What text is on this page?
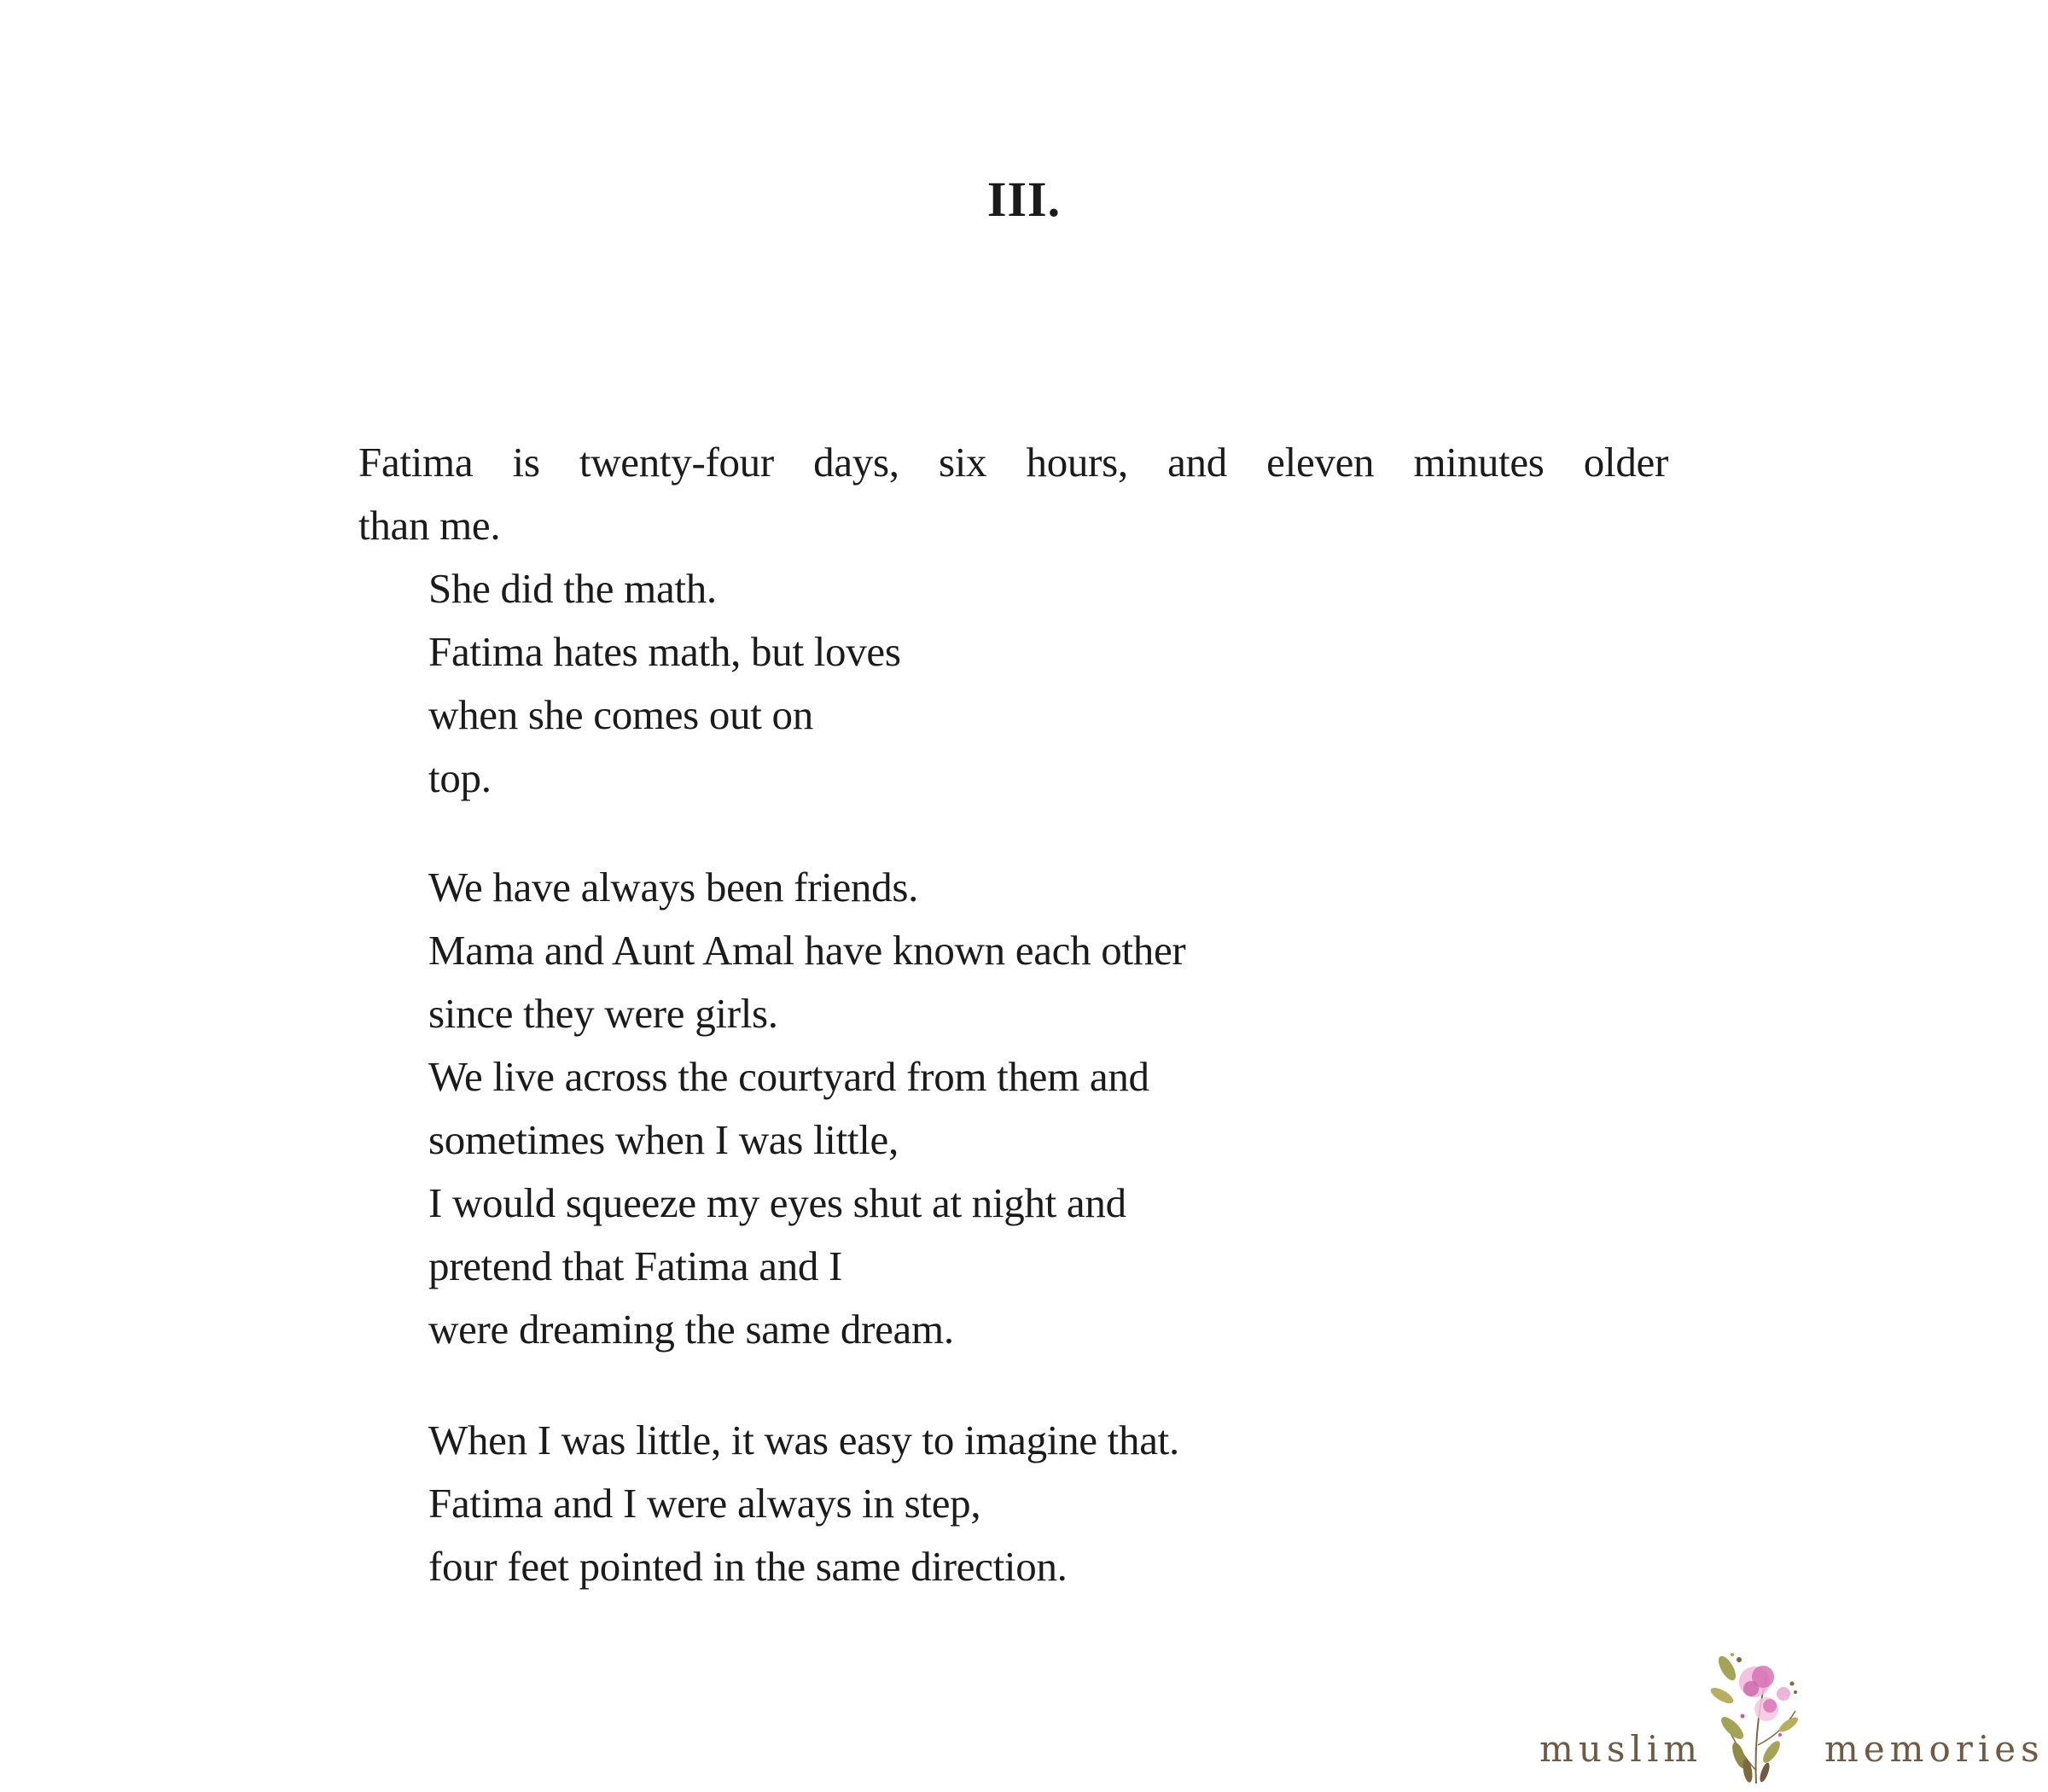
III.

Fatima is twenty-four days, six hours, and eleven minutes older

than me.

She did the math.

Fatima hates math, but loves

when she comes out on

top.

We have always been friends.

Mama and Aunt Amal have known each other

since they were girls.

We live across the courtyard from them and

sometimes when I was little,

I would squeeze my eyes shut at night and

pretend that Fatima and I

were dreaming the same dream.

When I was little, it was easy to imagine that.

Fatima and I were always in step,

four feet pointed in the same direction.

muslim	memories
